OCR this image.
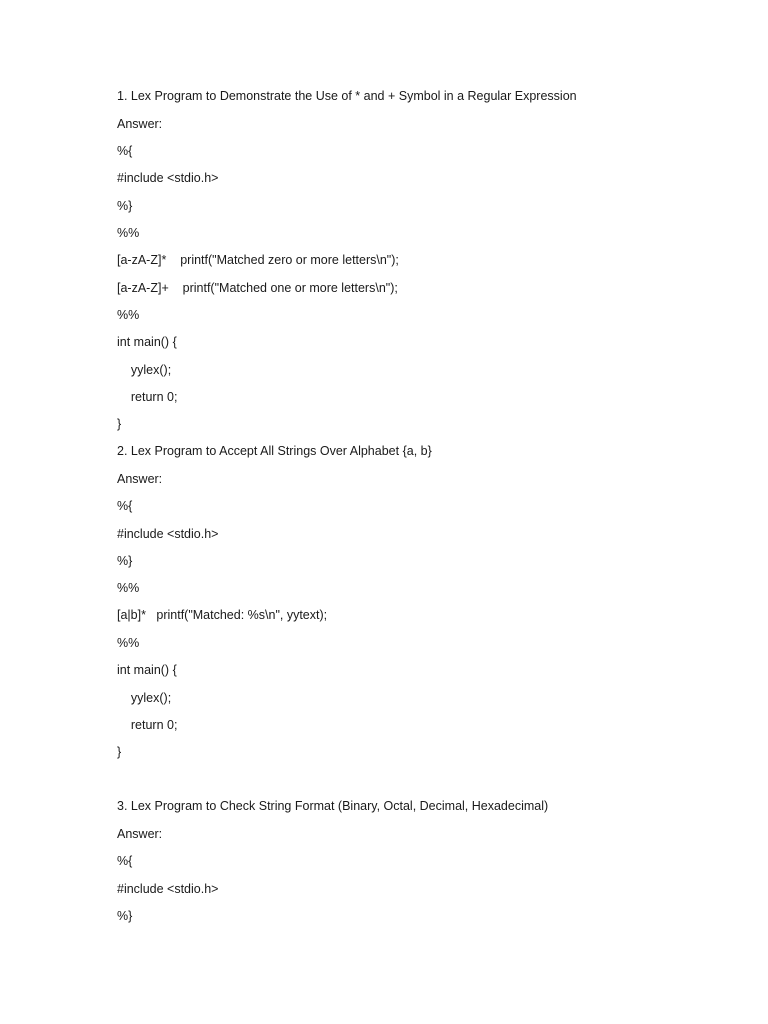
1. Lex Program to Demonstrate the Use of * and + Symbol in a Regular Expression
Answer:
%{
#include <stdio.h>
%}
%%
[a-zA-Z]*    printf("Matched zero or more letters\n");
[a-zA-Z]+    printf("Matched one or more letters\n");
%%
int main() {
yylex();
return 0;
}
2. Lex Program to Accept All Strings Over Alphabet {a, b}
Answer:
%{
#include <stdio.h>
%}
%%
[a|b]*   printf("Matched: %s\n", yytext);
%%
int main() {
yylex();
return 0;
}
3. Lex Program to Check String Format (Binary, Octal, Decimal, Hexadecimal)
Answer:
%{
#include <stdio.h>
%}
